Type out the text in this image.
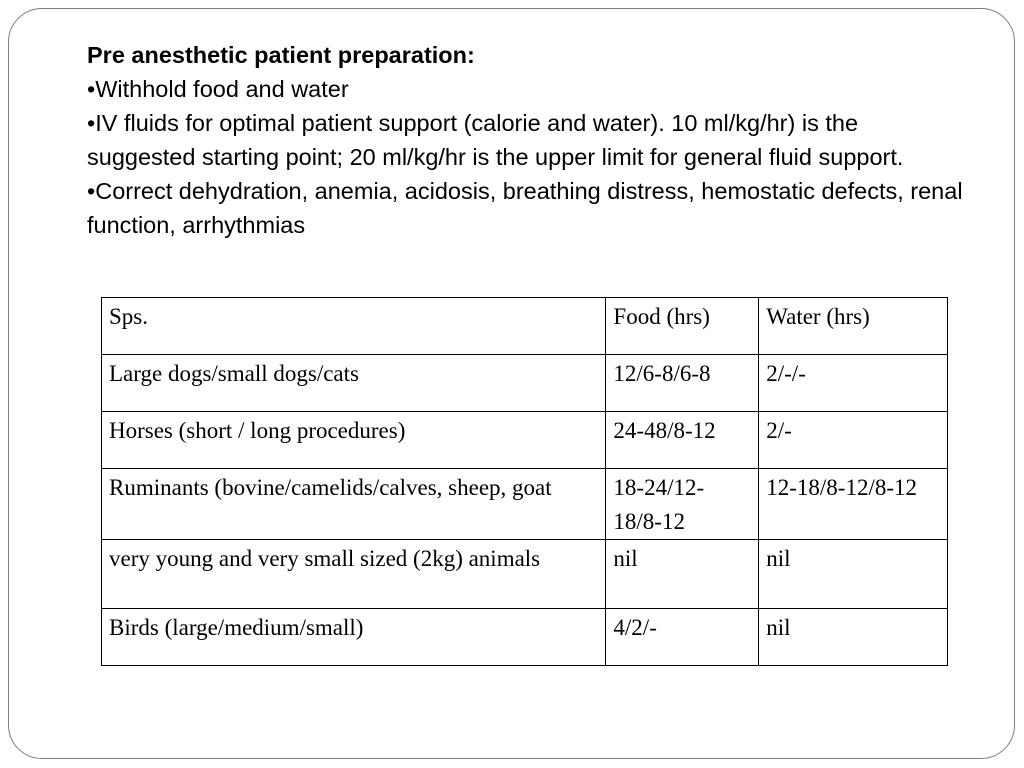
Pre anesthetic patient preparation:

•Withhold food and water

•IV fluids for optimal patient support (calorie and water). 10 ml/kg/hr) is the suggested starting point; 20 ml/kg/hr is the upper limit for general fluid support.

•Correct dehydration, anemia, acidosis, breathing distress, hemostatic defects, renal function, arrhythmias

Sps.	Food (hrs)	Water (hrs)
Large dogs/small dogs/cats	12/6-8/6-8	2/-/-
Horses (short / long procedures)	24-48/8-12	2/-
Ruminants (bovine/camelids/calves, sheep, goat	18-24/12-18/8-12	12-18/8-12/8-12
very young and very small sized (2kg) animals	nil	nil
Birds (large/medium/small)	4/2/-	nil
